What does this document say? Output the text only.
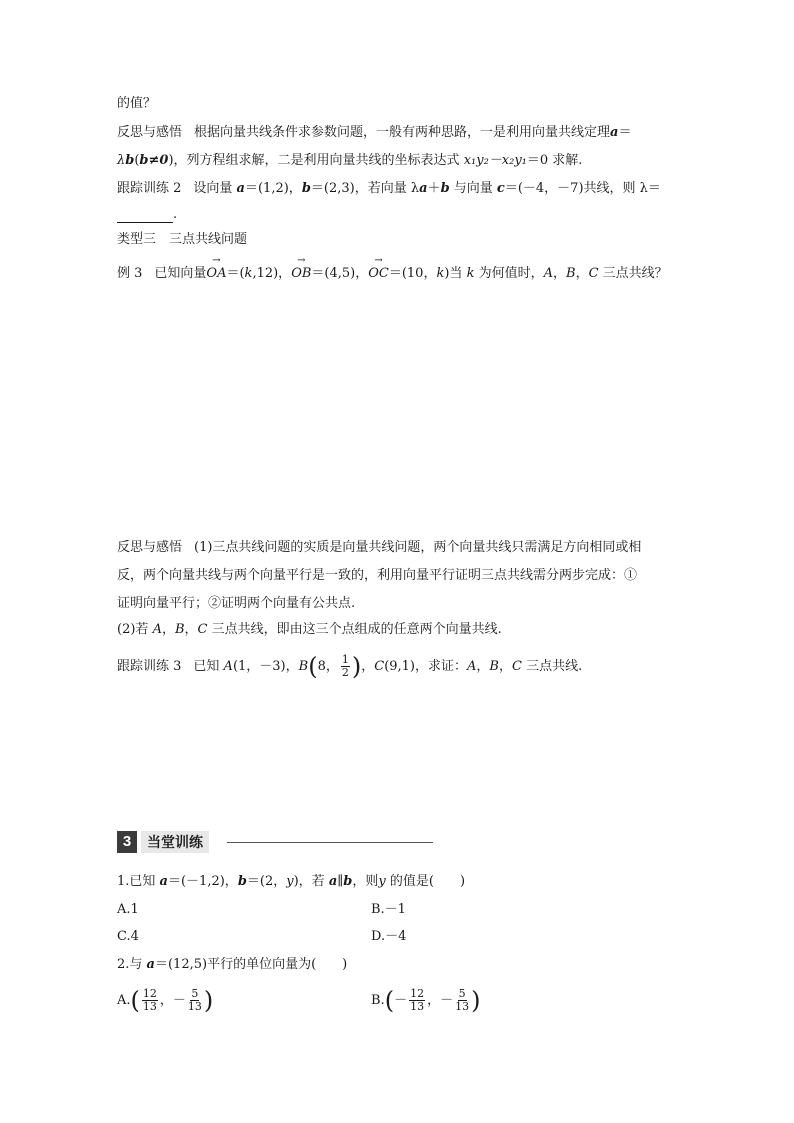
的值？
反思与感悟 根据向量共线条件求参数问题，一般有两种思路，一是利用向量共线定理a＝
λb(b≠0)，列方程组求解，二是利用向量共线的坐标表达式 x₁y₂－x₂y₁＝0 求解.
跟踪训练 2 设向量 a＝(1,2)，b＝(2,3)，若向量 λa＋b 与向量 c＝(－4，－7)共线，则 λ＝
.
类型三　三点共线问题
例 3 已知向量→ OA＝(k,12)，→ OB＝(4,5)，→ OC＝(10，k)当 k 为何值时，A，B，C 三点共线？
反思与感悟 (1)三点共线问题的实质是向量共线问题，两个向量共线只需满足方向相同或相
反，两个向量共线与两个向量平行是一致的，利用向量平行证明三点共线需分两步完成：①
证明向量平行；②证明两个向量有公共点.
(2)若 A，B，C 三点共线，即由这三个点组成的任意两个向量共线.
跟踪训练 3 已知 A(1，－3)，B(8， $\frac{1}{2}$ )，C(9,1)，求证：A，B，C 三点共线.
3	当堂训练
1.已知 a＝(－1,2)，b＝(2，y)，若 a∥b，则y 的值是(　　)
A.1	B.－1
C.4	D.－4
2.与 a＝(12,5)平行的单位向量为(　　)
$A.( \frac{12}{13}$ ，－ $\frac{5}{13}$ )	$B.(- \frac{12}{13}$ ，－ $\frac{5}{13}$ )
